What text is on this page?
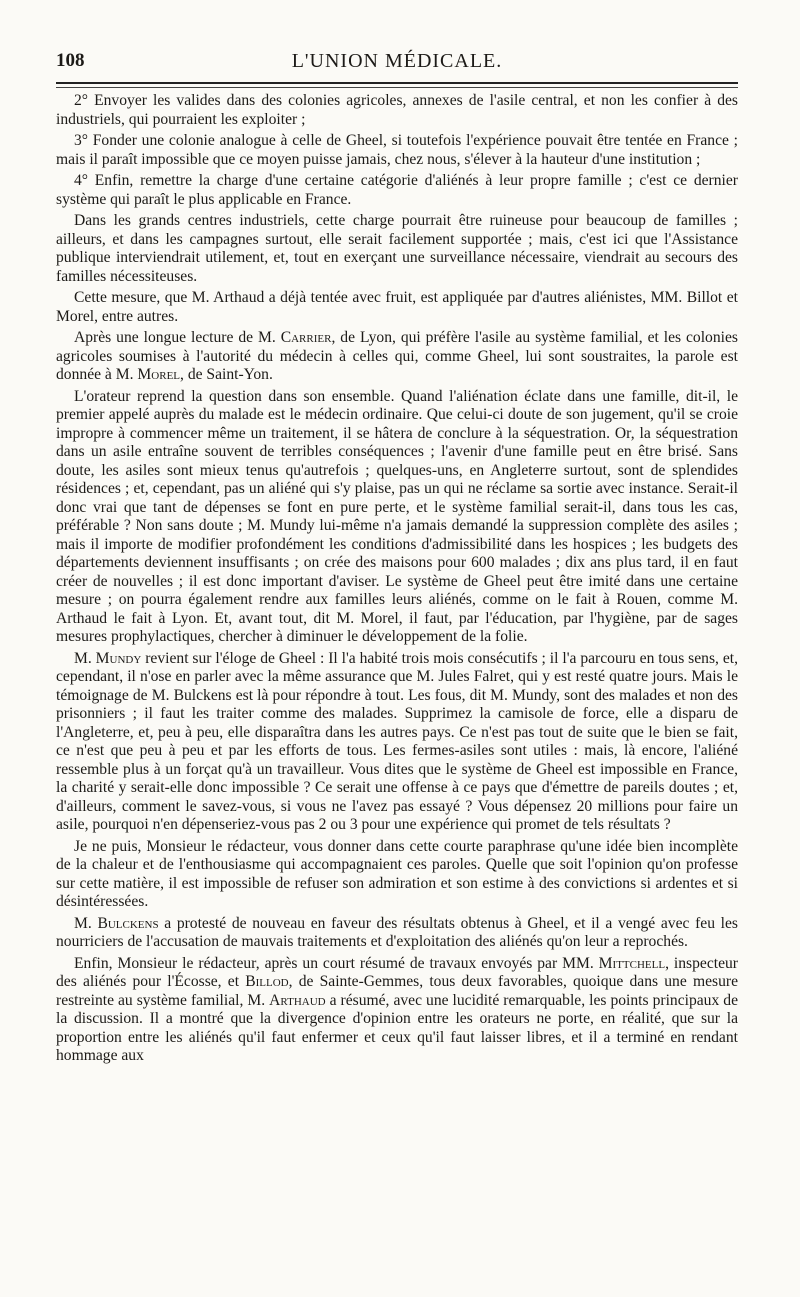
108	L'UNION MÉDICALE.

2° Envoyer les valides dans des colonies agricoles, annexes de l'asile central, et non les confier à des industriels, qui pourraient les exploiter ;

3° Fonder une colonie analogue à celle de Gheel, si toutefois l'expérience pouvait être tentée en France ; mais il paraît impossible que ce moyen puisse jamais, chez nous, s'élever à la hauteur d'une institution ;

4° Enfin, remettre la charge d'une certaine catégorie d'aliénés à leur propre famille ; c'est ce dernier système qui paraît le plus applicable en France.

Dans les grands centres industriels, cette charge pourrait être ruineuse pour beaucoup de familles ; ailleurs, et dans les campagnes surtout, elle serait facilement supportée ; mais, c'est ici que l'Assistance publique interviendrait utilement, et, tout en exerçant une surveillance nécessaire, viendrait au secours des familles nécessiteuses.

Cette mesure, que M. Arthaud a déjà tentée avec fruit, est appliquée par d'autres aliénistes, MM. Billot et Morel, entre autres.

Après une longue lecture de M. Carrier, de Lyon, qui préfère l'asile au système familial, et les colonies agricoles soumises à l'autorité du médecin à celles qui, comme Gheel, lui sont soustraites, la parole est donnée à M. Morel, de Saint-Yon.

L'orateur reprend la question dans son ensemble. Quand l'aliénation éclate dans une famille, dit-il, le premier appelé auprès du malade est le médecin ordinaire. Que celui-ci doute de son jugement, qu'il se croie impropre à commencer même un traitement, il se hâtera de conclure à la séquestration. Or, la séquestration dans un asile entraîne souvent de terribles conséquences ; l'avenir d'une famille peut en être brisé. Sans doute, les asiles sont mieux tenus qu'autrefois ; quelques-uns, en Angleterre surtout, sont de splendides résidences ; et, cependant, pas un aliéné qui s'y plaise, pas un qui ne réclame sa sortie avec instance. Serait-il donc vrai que tant de dépenses se font en pure perte, et le système familial serait-il, dans tous les cas, préférable ? Non sans doute ; M. Mundy lui-même n'a jamais demandé la suppression complète des asiles ; mais il importe de modifier profondément les conditions d'admissibilité dans les hospices ; les budgets des départements deviennent insuffisants ; on crée des maisons pour 600 malades ; dix ans plus tard, il en faut créer de nouvelles ; il est donc important d'aviser. Le système de Gheel peut être imité dans une certaine mesure ; on pourra également rendre aux familles leurs aliénés, comme on le fait à Rouen, comme M. Arthaud le fait à Lyon. Et, avant tout, dit M. Morel, il faut, par l'éducation, par l'hygiène, par de sages mesures prophylactiques, chercher à diminuer le développement de la folie.

M. Mundy revient sur l'éloge de Gheel : Il l'a habité trois mois consécutifs ; il l'a parcouru en tous sens, et, cependant, il n'ose en parler avec la même assurance que M. Jules Falret, qui y est resté quatre jours. Mais le témoignage de M. Bulckens est là pour répondre à tout. Les fous, dit M. Mundy, sont des malades et non des prisonniers ; il faut les traiter comme des malades. Supprimez la camisole de force, elle a disparu de l'Angleterre, et, peu à peu, elle disparaîtra dans les autres pays. Ce n'est pas tout de suite que le bien se fait, ce n'est que peu à peu et par les efforts de tous. Les fermes-asiles sont utiles : mais, là encore, l'aliéné ressemble plus à un forçat qu'à un travailleur. Vous dites que le système de Gheel est impossible en France, la charité y serait-elle donc impossible ? Ce serait une offense à ce pays que d'émettre de pareils doutes ; et, d'ailleurs, comment le savez-vous, si vous ne l'avez pas essayé ? Vous dépensez 20 millions pour faire un asile, pourquoi n'en dépenseriez-vous pas 2 ou 3 pour une expérience qui promet de tels résultats ?

Je ne puis, Monsieur le rédacteur, vous donner dans cette courte paraphrase qu'une idée bien incomplète de la chaleur et de l'enthousiasme qui accompagnaient ces paroles. Quelle que soit l'opinion qu'on professe sur cette matière, il est impossible de refuser son admiration et son estime à des convictions si ardentes et si désintéressées.

M. Bulckens a protesté de nouveau en faveur des résultats obtenus à Gheel, et il a vengé avec feu les nourriciers de l'accusation de mauvais traitements et d'exploitation des aliénés qu'on leur a reprochés.

Enfin, Monsieur le rédacteur, après un court résumé de travaux envoyés par MM. Mittchell, inspecteur des aliénés pour l'Écosse, et Billod, de Sainte-Gemmes, tous deux favorables, quoique dans une mesure restreinte au système familial, M. Arthaud a résumé, avec une lucidité remarquable, les points principaux de la discussion. Il a montré que la divergence d'opinion entre les orateurs ne porte, en réalité, que sur la proportion entre les aliénés qu'il faut enfermer et ceux qu'il faut laisser libres, et il a terminé en rendant hommage aux
